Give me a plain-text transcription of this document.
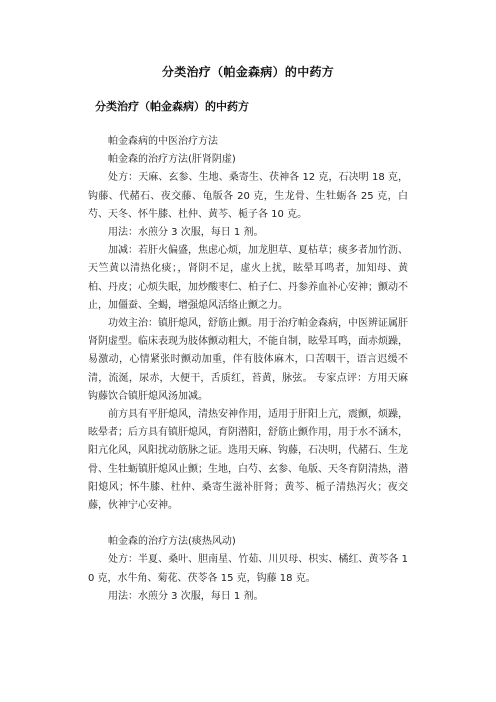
分类治疗（帕金森病）的中药方
分类治疗（帕金森病）的中药方

帕金森病的中医治疗方法

帕金森的治疗方法(肝肾阴虚)

处方：天麻、玄参、生地、桑寄生、茯神各 12 克，石决明 18 克，钩藤、代赭石、夜交藤、龟版各 20 克，生龙骨、生牡蛎各 25 克，白芍、天冬、怀牛膝、杜仲、黄芩、栀子各 10 克。

用法：水煎分 3 次服，每日 1 剂。

加减：若肝火偏盛，焦虑心烦，加龙胆草、夏枯草；痰多者加竹沥、天竺黄以清热化痰；，肾阴不足，虚火上扰，眩晕耳鸣者，加知母、黄柏、丹皮；心烦失眠，加炒酸枣仁、柏子仁、丹参养血补心安神；颤动不止，加僵蚕、全蝎，增强熄风活络止颤之力。

功效主治：镇肝熄风，舒筋止颤。用于治疗帕金森病，中医辨证属肝肾阴虚型。临床表现为肢体颤动粗大，不能自制，眩晕耳鸣，面赤烦躁，易激动，心情紧张时颤动加重，伴有肢体麻木，口苦咽干，语言迟缓不清，流涎，尿赤，大便干，舌质红，苔黄，脉弦。 专家点评：方用天麻钩藤饮合镇肝熄风汤加减。

前方具有平肝熄风，清热安神作用，适用于肝阳上亢，震颤，烦躁，眩晕者；后方具有镇肝熄风，育阴潜阳，舒筋止颤作用，用于水不涵木，阳亢化风，风阳扰动筋脉之证。选用天麻、钩藤，石决明，代赭石、生龙骨、生牡蛎镇肝熄风止颤；生地，白芍、玄参、龟版、天冬育阴清热，潜阳熄风；怀牛膝、杜仲、桑寄生滋补肝肾；黄芩、栀子清热泻火；夜交藤，伙神宁心安神。

帕金森的治疗方法(痰热风动)

处方：半夏、桑叶、胆南星、竹茹、川贝母、枳实、橘红、黄芩各 10 克，水牛角、菊花、茯苓各 15 克，钩藤 18 克。

用法：水煎分 3 次服，每日 1 剂。
